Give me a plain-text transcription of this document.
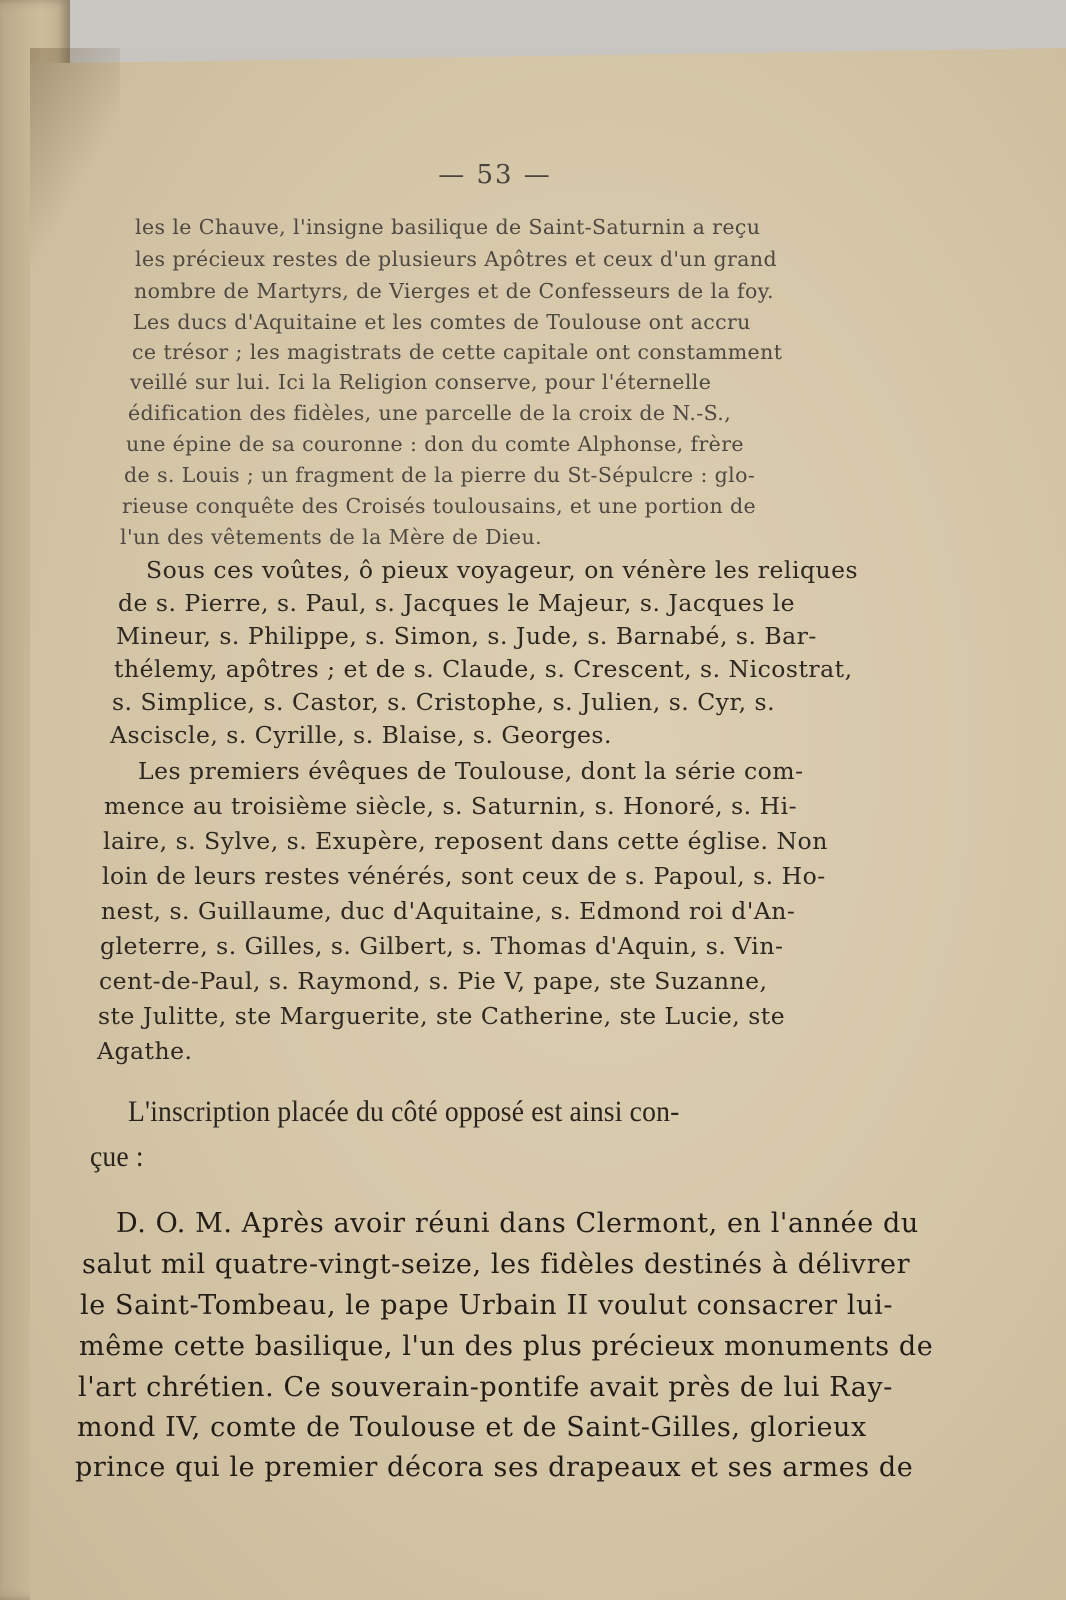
— 53 —
les le Chauve, l'insigne basilique de Saint-Saturnin a reçu
les précieux restes de plusieurs Apôtres et ceux d'un grand
nombre de Martyrs, de Vierges et de Confesseurs de la foy.
Les ducs d'Aquitaine et les comtes de Toulouse ont accru
ce trésor ; les magistrats de cette capitale ont constamment
veillé sur lui. Ici la Religion conserve, pour l'éternelle
édification des fidèles, une parcelle de la croix de N.-S.,
une épine de sa couronne : don du comte Alphonse, frère
de s. Louis ; un fragment de la pierre du St-Sépulcre : glo-
rieuse conquête des Croisés toulousains, et une portion de
l'un des vêtements de la Mère de Dieu.
Sous ces voûtes, ô pieux voyageur, on vénère les reliques
de s. Pierre, s. Paul, s. Jacques le Majeur, s. Jacques le
Mineur, s. Philippe, s. Simon, s. Jude, s. Barnabé, s. Bar-
thélemy, apôtres ; et de s. Claude, s. Crescent, s. Nicostrat,
s. Simplice, s. Castor, s. Cristophe, s. Julien, s. Cyr, s.
Asciscle, s. Cyrille, s. Blaise, s. Georges.
Les premiers évêques de Toulouse, dont la série com-
mence au troisième siècle, s. Saturnin, s. Honoré, s. Hi-
laire, s. Sylve, s. Exupère, reposent dans cette église. Non
loin de leurs restes vénérés, sont ceux de s. Papoul, s. Ho-
nest, s. Guillaume, duc d'Aquitaine, s. Edmond roi d'An-
gleterre, s. Gilles, s. Gilbert, s. Thomas d'Aquin, s. Vin-
cent-de-Paul, s. Raymond, s. Pie V, pape, ste Suzanne,
ste Julitte, ste Marguerite, ste Catherine, ste Lucie, ste
Agathe.
L'inscription placée du côté opposé est ainsi con-
çue :
D. O. M. Après avoir réuni dans Clermont, en l'année du
salut mil quatre-vingt-seize, les fidèles destinés à délivrer
le Saint-Tombeau, le pape Urbain II voulut consacrer lui-
même cette basilique, l'un des plus précieux monuments de
l'art chrétien. Ce souverain-pontife avait près de lui Ray-
mond IV, comte de Toulouse et de Saint-Gilles, glorieux
prince qui le premier décora ses drapeaux et ses armes de
